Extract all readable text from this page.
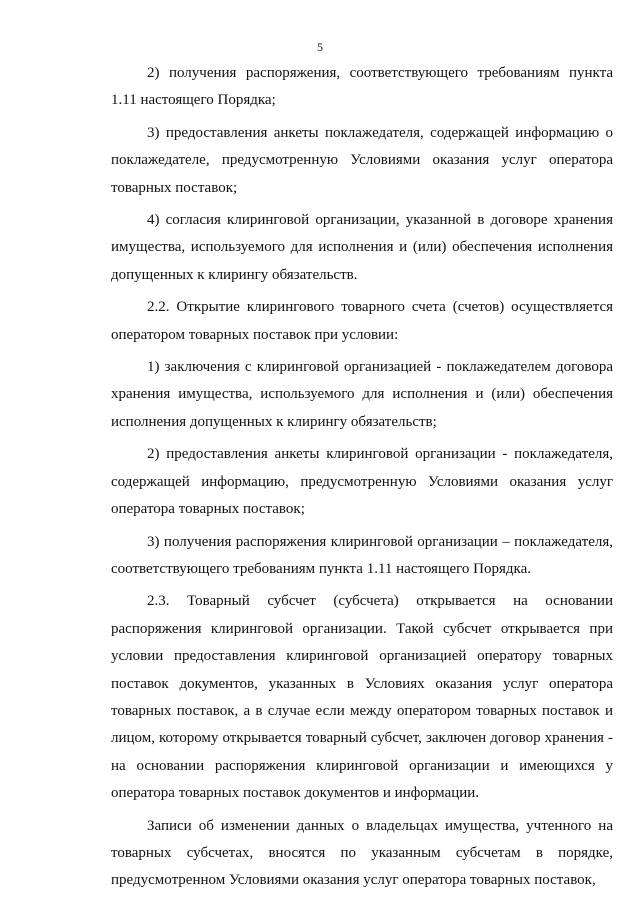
5

2) получения распоряжения, соответствующего требованиям пункта 1.11 настоящего Порядка;

3) предоставления анкеты поклажедателя, содержащей информацию о поклажедателе, предусмотренную Условиями оказания услуг оператора товарных поставок;

4) согласия клиринговой организации, указанной в договоре хранения имущества, используемого для исполнения и (или) обеспечения исполнения допущенных к клирингу обязательств.

2.2. Открытие клирингового товарного счета (счетов) осуществляется оператором товарных поставок при условии:

1) заключения с клиринговой организацией - поклажедателем договора хранения имущества, используемого для исполнения и (или) обеспечения исполнения допущенных к клирингу обязательств;

2) предоставления анкеты клиринговой организации - поклажедателя, содержащей информацию, предусмотренную Условиями оказания услуг оператора товарных поставок;

3) получения распоряжения клиринговой организации – поклажедателя, соответствующего требованиям пункта 1.11 настоящего Порядка.

2.3. Товарный субсчет (субсчета) открывается на основании распоряжения клиринговой организации. Такой субсчет открывается при условии предоставления клиринговой организацией оператору товарных поставок документов, указанных в Условиях оказания услуг оператора товарных поставок, а в случае если между оператором товарных поставок и лицом, которому открывается товарный субсчет, заключен договор хранения - на основании распоряжения клиринговой организации и имеющихся у оператора товарных поставок документов и информации.

Записи об изменении данных о владельцах имущества, учтенного на товарных субсчетах, вносятся по указанным субсчетам в порядке, предусмотренном Условиями оказания услуг оператора товарных поставок,
